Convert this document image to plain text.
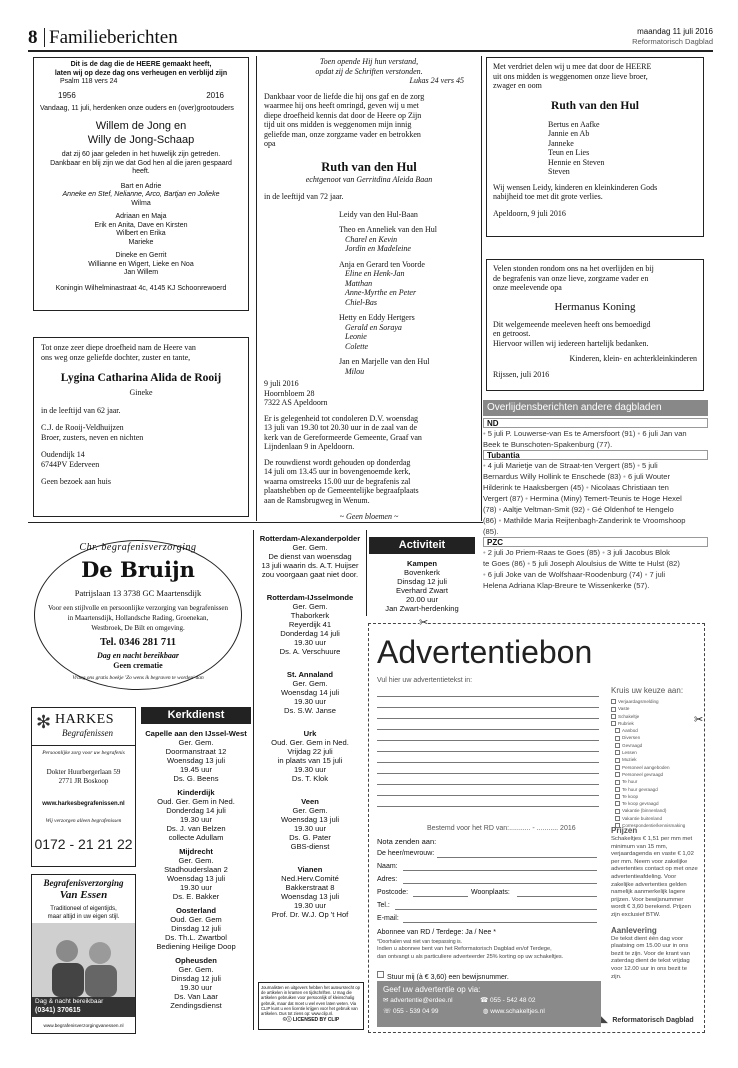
8 Familieberichten	maandag 11 juli 2016
Reformatorisch Dagblad

Dit is de dag die de HEERE gemaakt heeft,

laten wij op deze dag ons verheugen en verblijd zijn

Psalm 118 vers 24

1956	2016

Vandaag, 11 juli, herdenken onze ouders en (over)grootouders

Willem de Jong en

Willy de Jong-Schaap

dat zij 60 jaar geleden in het huwelijk zijn getreden.

Dankbaar en blij zijn we dat God hen al die jaren gespaard

heeft.

Bart en Adrie

Anneke en Stef, Nelianne, Arco, Bartjan en Jolieke

Wilma

Adriaan en Maja

Erik en Anita, Dave en Kirsten

Wilbert en Erika

Marieke

Dineke en Gerrit

Willianne en Wigert, Lieke en Noa

Jan Willem

Koningin Wilhelminastraat 4c, 4145 KJ Schoonrewoerd

Tot onze zeer diepe droefheid nam de Heere van

ons weg onze geliefde dochter, zuster en tante,

Lygina Catharina Alida de Rooij

Gineke

in de leeftijd van 62 jaar.

C.J. de Rooij-Veldhuijzen

Broer, zusters, neven en nichten

Oudendijk 14

6744PV Ederveen

Geen bezoek aan huis

Toen opende Hij hun verstand,

opdat zij de Schriften verstonden.

Lukas 24 vers 45

Dankbaar voor de liefde die hij ons gaf en de zorg

waarmee hij ons heeft omringd, geven wij u met

diepe droefheid kennis dat door de Heere op Zijn

tijd uit ons midden is weggenomen mijn innig

geliefde man, onze zorgzame vader en betrokken

opa

Ruth van den Hul

echtgenoot van Gerritdina Aleida Baan

in de leeftijd van 72 jaar.

Leidy van den Hul-Baan

Theo en Anneliek van den Hul

Charel en Kevin

Jordin en Madeleine

Anja en Gerard ten Voorde

Eline en Henk-Jan

Matthan

Anne-Myrthe en Peter

Chiel-Bas

Hetty en Eddy Hertgers

Gerald en Soraya

Leonie

Colette

Jan en Marjelle van den Hul

Milou

9 juli 2016

Hoornbloem 28

7322 AS Apeldoorn

Er is gelegenheid tot condoleren D.V. woensdag

13 juli van 19.30 tot 20.30 uur in de zaal van de

kerk van de Gereformeerde Gemeente, Graaf van

Lijndenlaan 9 in Apeldoorn.

De rouwdienst wordt gehouden op donderdag

14 juli om 13.45 uur in bovengenoemde kerk,

waarna omstreeks 15.00 uur de begrafenis zal

plaatshebben op de Gemeentelijke begraafplaats

aan de Ramsbrugweg in Wenum.

~ Geen bloemen ~

Met verdriet delen wij u mee dat door de HEERE

uit ons midden is weggenomen onze lieve broer,

zwager en oom

Ruth van den Hul

Bertus en Aafke

Jannie en Ab

Janneke

Teun en Lies

Hennie en Steven

Steven

Wij wensen Leidy, kinderen en kleinkinderen Gods

nabijheid toe met dit grote verlies.

Apeldoorn, 9 juli 2016

Velen stonden rondom ons na het overlijden en bij

de begrafenis van onze lieve, zorgzame vader en

onze meelevende opa

Hermanus Koning

Dit welgemeende meeleven heeft ons bemoedigd

en getroost.

Hiervoor willen wij iedereen hartelijk bedanken.

Kinderen, klein- en achterkleinkinderen

Rijssen, juli 2016

Overlijdensberichten andere dagbladen
ND

• 5 juli P. Louwerse-van Es te Amersfoort (91) • 6 juli Jan van

Beek te Bunschoten-Spakenburg (77).

Tubantia

• 4 juli Marietje van de Straat-ten Vergert (85) • 5 juli

Bernardus Willy Hollink te Enschede (83) • 6 juli Wouter

Hilderink te Haaksbergen (45) • Nicolaas Christiaan ten

Vergert (87) • Hermina (Miny) Temert-Teunis te Hoge Hexel

(78) • Aaltje Veltman-Smit (92) • Gé Oldenhof te Hengelo

(86) • Mathilde Maria Reijtenbagh-Zanderink te Vroomshoop

(85).

PZC

• 2 juli Jo Priem-Raas te Goes (85) • 3 juli Jacobus Blok

te Goes (86) • 5 juli Joseph Aloulsius de Witte te Hulst (82)

• 6 juli Joke van de Wolfshaar-Roodenburg (74) • 7 juli

Helena Adriana Klap-Breure te Wissenkerke (57).

Chr. begrafenisverzorging

De Bruijn

Patrijslaan 13 3738 GC Maartensdijk

Voor een stijlvolle en persoonlijke verzorging van begrafenissen

in Maartensdijk, Hollandsche Rading, Groenekan,

Westbroek, De Bilt en omgeving.

Tel. 0346 281 711

Dag en nacht bereikbaar

Geen crematie

Vraag ons gratis boekje 'Zo wens ik begraven te worden' aan

✻ HARKES
Begrafenissen

Persoonlijke zorg voor uw begrafenis

Dokter Huurbergerlaan 59

2771 JR Boskoop

www.harkesbegrafenissen.nl

Wij verzorgen alleen begrafenissen

0172 - 21 21 22

Begrafenisverzorging

Van Essen

Traditioneel of eigentijds,

maar altijd in uw eigen stijl.

Dag & nacht bereikbaar

(0341) 370615

www.begrafenisverzorgingvanessen.nl

Kerkdienst

Capelle aan den IJssel-West

Ger. Gem.

Doormanstraat 12

Woensdag 13 juli

19.45 uur

Ds. G. Beens

Kinderdijk

Oud. Ger. Gem in Ned.

Donderdag 14 juli

19.30 uur

Ds. J. van Belzen

collecte Adullam

Mijdrecht

Ger. Gem.

Stadhouderslaan 2

Woensdag 13 juli

19.30 uur

Ds. E. Bakker

Oosterland

Oud. Ger. Gem

Dinsdag 12 juli

Ds. Th.L. Zwartbol

Bediening Heilige Doop

Opheusden

Ger. Gem.

Dinsdag 12 juli

19.30 uur

Ds. Van Laar

Zendingsdienst

Rotterdam-Alexanderpolder

Ger. Gem.

De dienst van woensdag

13 juli waarin ds. A.T. Huijser

zou voorgaan gaat niet door.

Rotterdam-IJsselmonde

Ger. Gem.

Thaborkerk

Reyerdijk 41

Donderdag 14 juli

19.30 uur

Ds. A. Verschuure

St. Annaland

Ger. Gem.

Woensdag 14 juli

19.30 uur

Ds. S.W. Janse

Urk

Oud. Ger. Gem in Ned.

Vrijdag 22 juli

in plaats van 15 juli

19.30 uur

Ds. T. Klok

Veen

Ger. Gem.

Woensdag 13 juli

19.30 uur

Ds. G. Pater

GBS-dienst

Vianen

Ned.Herv.Comité

Bakkerstraat 8

Woensdag 13 juli

19.30 uur

Prof. Dr. W.J. Op 't Hof

Journalisten en uitgevers hebben het auteursrecht op de artikelen in kranten en tijdschriften. U mag die artikelen gebruiken voor persoonlijk of kleinschalig gebruik, maar dat moet u wel even laten weten. Via CLIP kunt u een licentie krijgen voor het gebruik van artikelen. Dus tot ziens op: www.clip.nl.

©ⓘ LICENSED BY CLIP

Activiteit

Kampen

Bovenkerk

Dinsdag 12 juli

Everhard Zwart

20.00 uur

Jan Zwart-herdenking

✂
✂

Advertentiebon

Vul hier uw advertentietekst in:

Kruis uw keuze aan:

Verjaardagsmelding

Vaste

Schakeltje

Rubriek

Aanbod

Diversen

Gevraagd

Lessen

Muziek

Personeel aangeboden

Personeel gevraagd

Te huur

Te huur gevraagd

Te koop

Te koop gevraagd

Vakantie (binnenland)

Vakantie buitenland

Correspondentie/kennismaking

Bestemd voor het RD van:........... - ........... 2016

Nota zenden aan:

De heer/mevrouw:

Naam:

Adres:

Postcode:	Woonplaats:

Tel.:

E-mail:

Abonnee van RD / Terdege: Ja / Nee *

*Doorhalen wat niet van toepassing is.

Indien u abonnee bent van het Reformatorisch Dagblad en/of Terdege,

dan ontvangt u als particuliere adverteerder 25% korting op uw schakeltjes.

Stuur mij (à € 3,60) een bewijsnummer.

Geef uw advertentie op via:

✉ advertentie@erdee.nl	☎ 055 - 542 48 02

☏ 055 - 539 04 99	◍ www.schakeltjes.nl

Prijzen

Schakeltjes € 1,51 per mm met minimum van 15 mm, verjaardagenda en vaste € 1,02 per mm. Neem voor zakelijke advertenties contact op met onze advertentieafdeling. Voor zakelijke advertenties gelden namelijk aanmerkelijk lagere prijzen. Voor bewijsnummer wordt € 3,60 berekend. Prijzen zijn exclusief BTW.

Aanlevering

De tekst dient één dag voor plaatsing om 15.00 uur in ons bezit te zijn. Voor de krant van zaterdag dient de tekst vrijdag voor 12.00 uur in ons bezit te zijn.

◣ Reformatorisch Dagblad
